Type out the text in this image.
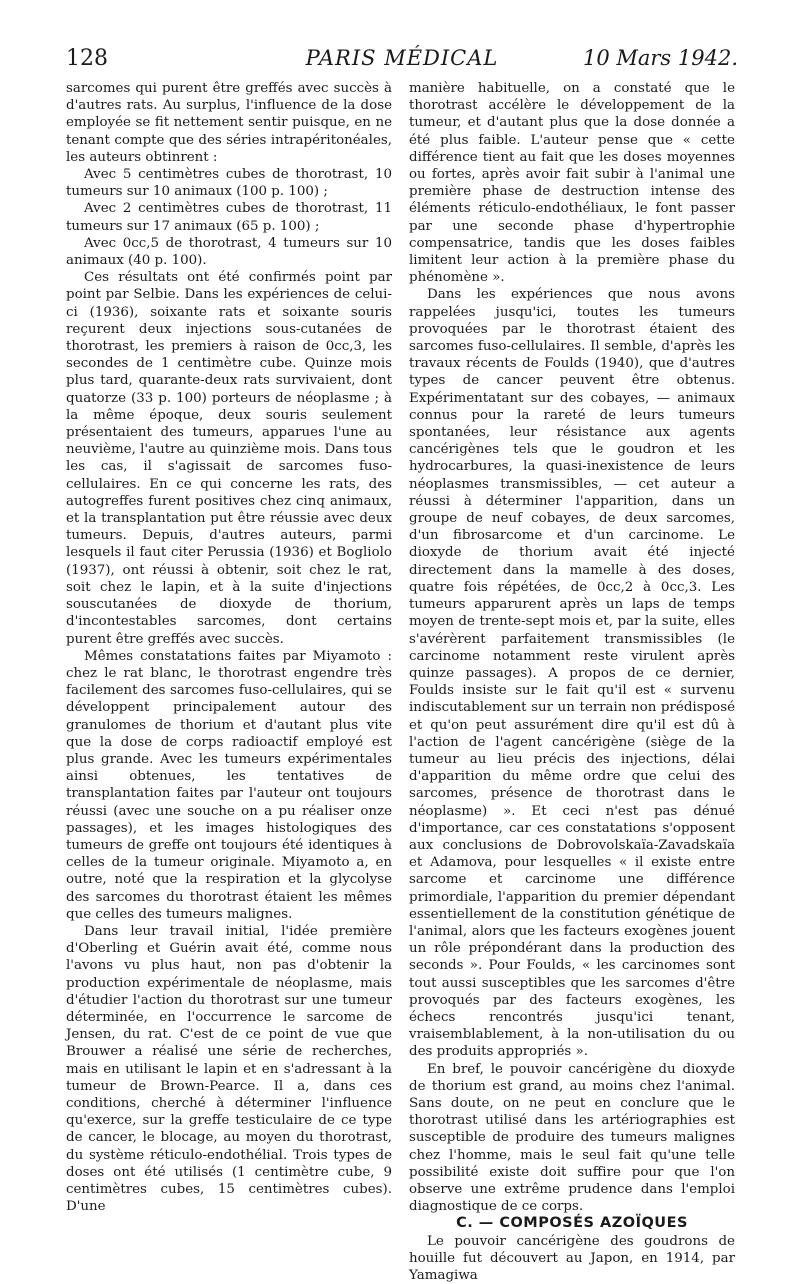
128	PARIS MÉDICAL	10 Mars 1942.

sarcomes qui purent être greffés avec succès à d'autres rats. Au surplus, l'influence de la dose employée se fit nettement sentir puisque, en ne tenant compte que des séries intrapéritonéales, les auteurs obtinrent :

Avec 5 centimètres cubes de thorotrast, 10 tumeurs sur 10 animaux (100 p. 100) ;

Avec 2 centimètres cubes de thorotrast, 11 tumeurs sur 17 animaux (65 p. 100) ;

Avec 0cc,5 de thorotrast, 4 tumeurs sur 10 animaux (40 p. 100).

Ces résultats ont été confirmés point par point par Selbie. Dans les expériences de celui-ci (1936), soixante rats et soixante souris reçurent deux injections sous-cutanées de thorotrast, les premiers à raison de 0cc,3, les secondes de 1 centimètre cube. Quinze mois plus tard, quarante-deux rats survivaient, dont quatorze (33 p. 100) porteurs de néoplasme ; à la même époque, deux souris seulement présentaient des tumeurs, apparues l'une au neuvième, l'autre au quinzième mois. Dans tous les cas, il s'agissait de sarcomes fuso-cellulaires. En ce qui concerne les rats, des autogreffes furent positives chez cinq animaux, et la transplantation put être réussie avec deux tumeurs. Depuis, d'autres auteurs, parmi lesquels il faut citer Perussia (1936) et Bogliolo (1937), ont réussi à obtenir, soit chez le rat, soit chez le lapin, et à la suite d'injections souscutanées de dioxyde de thorium, d'incontestables sarcomes, dont certains purent être greffés avec succès.

Mêmes constatations faites par Miyamoto : chez le rat blanc, le thorotrast engendre très facilement des sarcomes fuso-cellulaires, qui se développent principalement autour des granulomes de thorium et d'autant plus vite que la dose de corps radioactif employé est plus grande. Avec les tumeurs expérimentales ainsi obtenues, les tentatives de transplantation faites par l'auteur ont toujours réussi (avec une souche on a pu réaliser onze passages), et les images histologiques des tumeurs de greffe ont toujours été identiques à celles de la tumeur originale. Miyamoto a, en outre, noté que la respiration et la glycolyse des sarcomes du thorotrast étaient les mêmes que celles des tumeurs malignes.

Dans leur travail initial, l'idée première d'Oberling et Guérin avait été, comme nous l'avons vu plus haut, non pas d'obtenir la production expérimentale de néoplasme, mais d'étudier l'action du thorotrast sur une tumeur déterminée, en l'occurrence le sarcome de Jensen, du rat. C'est de ce point de vue que Brouwer a réalisé une série de recherches, mais en utilisant le lapin et en s'adressant à la tumeur de Brown-Pearce. Il a, dans ces conditions, cherché à déterminer l'influence qu'exerce, sur la greffe testiculaire de ce type de cancer, le blocage, au moyen du thorotrast, du système réticulo-endothélial. Trois types de doses ont été utilisés (1 centimètre cube, 9 centimètres cubes, 15 centimètres cubes). D'une

manière habituelle, on a constaté que le thorotrast accélère le développement de la tumeur, et d'autant plus que la dose donnée a été plus faible. L'auteur pense que « cette différence tient au fait que les doses moyennes ou fortes, après avoir fait subir à l'animal une première phase de destruction intense des éléments réticulo-endothéliaux, le font passer par une seconde phase d'hypertrophie compensatrice, tandis que les doses faibles limitent leur action à la première phase du phénomène ».

Dans les expériences que nous avons rappelées jusqu'ici, toutes les tumeurs provoquées par le thorotrast étaient des sarcomes fuso-cellulaires. Il semble, d'après les travaux récents de Foulds (1940), que d'autres types de cancer peuvent être obtenus. Expérimentatant sur des cobayes, — animaux connus pour la rareté de leurs tumeurs spontanées, leur résistance aux agents cancérigènes tels que le goudron et les hydrocarbures, la quasi-inexistence de leurs néoplasmes transmissibles, — cet auteur a réussi à déterminer l'apparition, dans un groupe de neuf cobayes, de deux sarcomes, d'un fibrosarcome et d'un carcinome. Le dioxyde de thorium avait été injecté directement dans la mamelle à des doses, quatre fois répétées, de 0cc,2 à 0cc,3. Les tumeurs apparurent après un laps de temps moyen de trente-sept mois et, par la suite, elles s'avérèrent parfaitement transmissibles (le carcinome notamment reste virulent après quinze passages). A propos de ce dernier, Foulds insiste sur le fait qu'il est « survenu indiscutablement sur un terrain non prédisposé et qu'on peut assurément dire qu'il est dû à l'action de l'agent cancérigène (siège de la tumeur au lieu précis des injections, délai d'apparition du même ordre que celui des sarcomes, présence de thorotrast dans le néoplasme) ». Et ceci n'est pas dénué d'importance, car ces constatations s'opposent aux conclusions de Dobrovolskaïa-Zavadskaïa et Adamova, pour lesquelles « il existe entre sarcome et carcinome une différence primordiale, l'apparition du premier dépendant essentiellement de la constitution génétique de l'animal, alors que les facteurs exogènes jouent un rôle prépondérant dans la production des seconds ». Pour Foulds, « les carcinomes sont tout aussi susceptibles que les sarcomes d'être provoqués par des facteurs exogènes, les échecs rencontrés jusqu'ici tenant, vraisemblablement, à la non-utilisation du ou des produits appropriés ».

En bref, le pouvoir cancérigène du dioxyde de thorium est grand, au moins chez l'animal. Sans doute, on ne peut en conclure que le thorotrast utilisé dans les artériographies est susceptible de produire des tumeurs malignes chez l'homme, mais le seul fait qu'une telle possibilité existe doit suffire pour que l'on observe une extrême prudence dans l'emploi diagnostique de ce corps.

C. — COMPOSÉS AZOÏQUES

Le pouvoir cancérigène des goudrons de houille fut découvert au Japon, en 1914, par Yamagiwa
